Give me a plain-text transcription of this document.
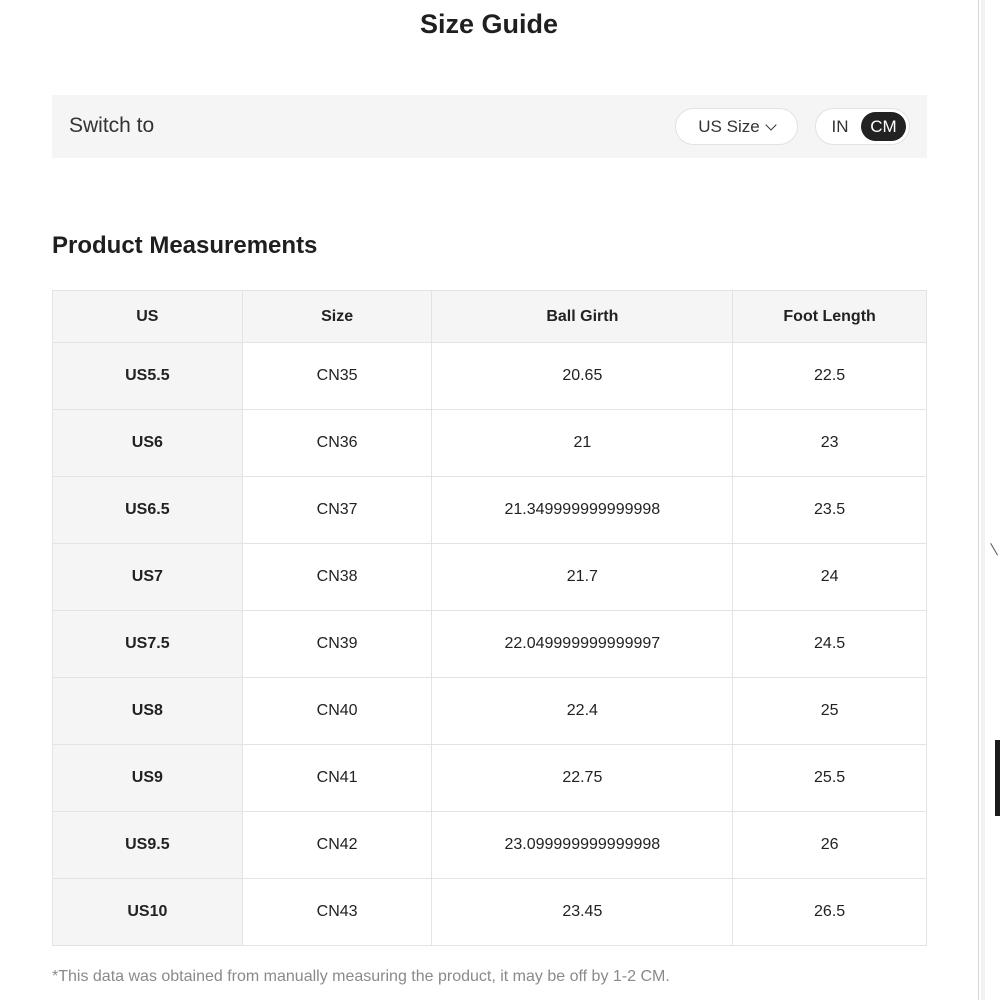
Size Guide
Switch to	US Size	IN	CM
Product Measurements
US	Size	Ball Girth	Foot Length
US5.5	CN35	20.65	22.5
US6	CN36	21	23
US6.5	CN37	21.349999999999998	23.5
US7	CN38	21.7	24
US7.5	CN39	22.049999999999997	24.5
US8	CN40	22.4	25
US9	CN41	22.75	25.5
US9.5	CN42	23.099999999999998	26
US10	CN43	23.45	26.5

*This data was obtained from manually measuring the product, it may be off by 1-2 CM.
